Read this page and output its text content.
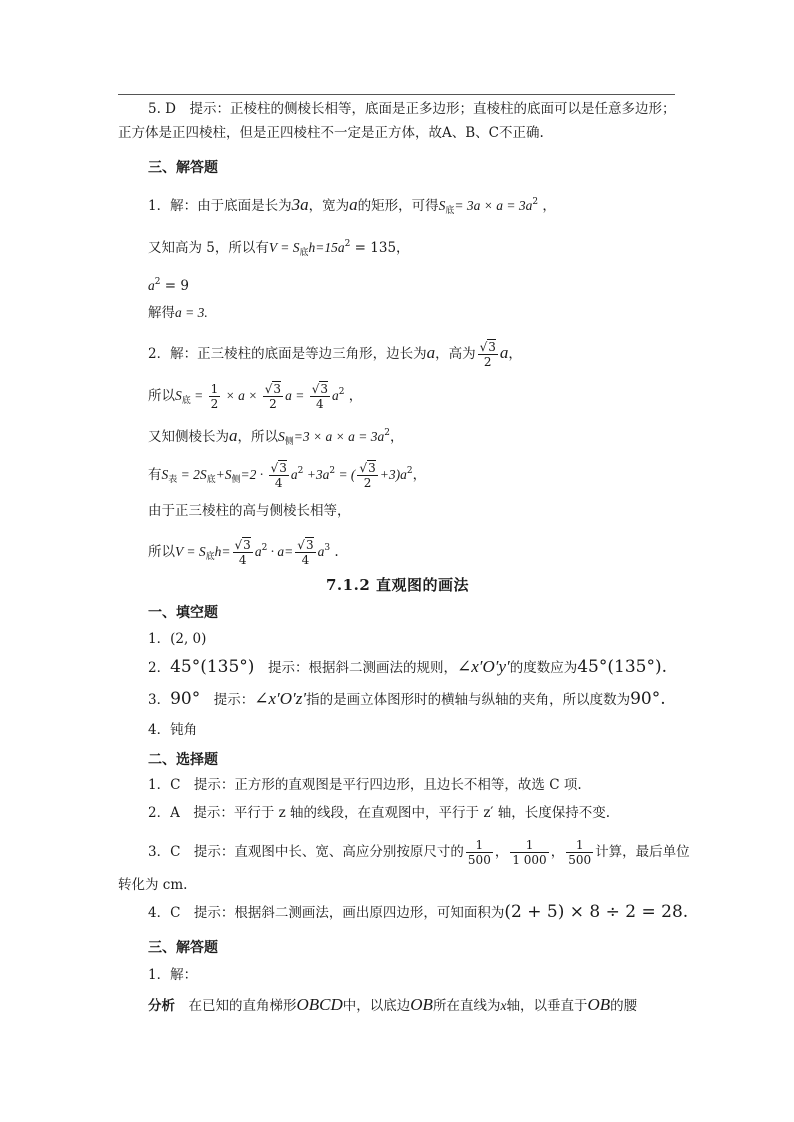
5. D　提示：正棱柱的侧棱长相等，底面是正多边形；直棱柱的底面可以是任意多边形；
正方体是正四棱柱，但是正四棱柱不一定是正方体，故A、B、C不正确.
三、解答题
1．解：由于底面是长为3a，宽为a的矩形，可得$S_底= 3a \times a = 3a^2$ ，
又知高为 5，所以有$V = S_底h=15a^2 = 135$，
$a^2 = 9$
解得a = 3.
2．解：正三棱柱的底面是等边三角形，边长为a，高为 $\frac{√3}{2}$ a，
所以$S_底 = \frac{1}{2} \times a \times \frac{√3}{2}$ $a = \frac{√3}{4} a^2$ ，
又知侧棱长为a，所以$S_侧=3 \times a \times a = 3a^2$，
有$S_表 = 2S_底+S_侧=2 \cdot \frac{√3}{4} a^2 +3a^2$ = ( $\frac{√3}{2} +3)a^2$，
由于正三棱柱的高与侧棱长相等，
所以$V = S_底h= \frac{√3}{4} a^2 \cdot a= \frac{√3}{4} a^3$ .
7.1.2 直观图的画法
一、填空题
1．(2, 0)
2．45°(135°)　提示：根据斜二测画法的规则，∠x′O′y′的度数应为45°(135°).
3．90°　提示：∠x′O′z′指的是画立体图形时的横轴与纵轴的夹角，所以度数为90°.
4．钝角
二、选择题
1．C　提示：正方形的直观图是平行四边形，且边长不相等，故选 C 项.
2．A　提示：平行于 z 轴的线段，在直观图中，平行于 z′ 轴，长度保持不变.
3．C　提示：直观图中长、宽、高应分别按原尺寸的 $\frac{1}{500}$ ， $\frac{1}{1 000}$ ， $\frac{1}{500}$ 计算，最后单位
转化为 cm.
4．C　提示：根据斜二测画法，画出原四边形，可知面积为(2 + 5) × 8 ÷ 2 = 28.
三、解答题
1．解：
分析　在已知的直角梯形OBCD中，以底边OB所在直线为x轴，以垂直于OB的腰
